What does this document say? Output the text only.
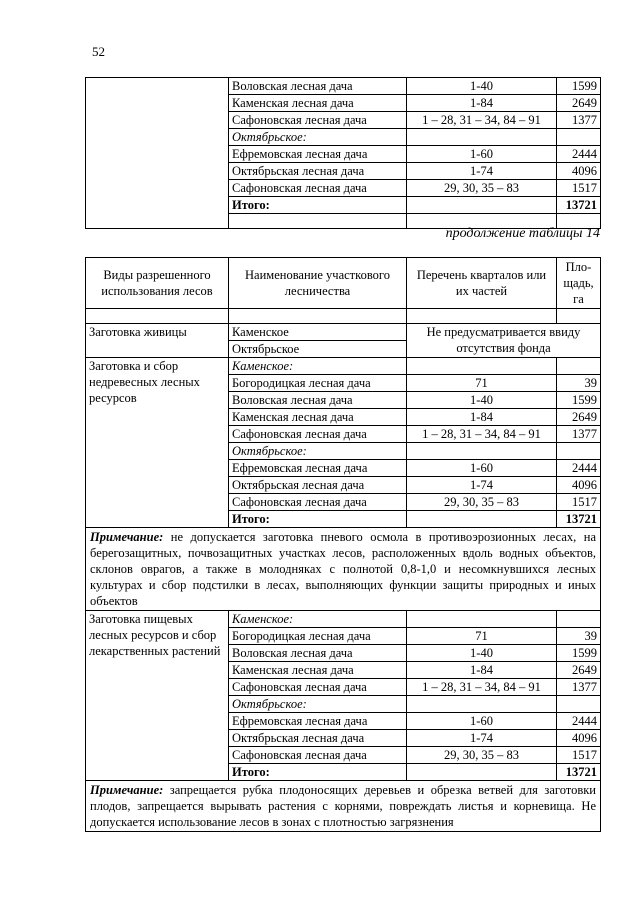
52
	Воловская лесная дача	1-40	1599
	Каменская лесная дача	1-84	2649
	Сафоновская лесная дача	1 – 28, 31 – 34, 84 – 91	1377
	Октябрьское:		
	Ефремовская лесная дача	1-60	2444
	Октябрьская лесная дача	1-74	4096
	Сафоновская лесная дача	29, 30, 35 – 83	1517
	Итого:		13721

продолжение таблицы 14
Виды разрешенного использования лесов	Наименование участкового лесничества	Перечень кварталов или их частей	Пло-щадь, га

Заготовка живицы	Каменское	Не предусматривается ввиду отсутствия фонда	
	Октябрьское		
Заготовка и сбор недревесных лесных ресурсов	Каменское:		
	Богородицкая лесная дача	71	39
	Воловская лесная дача	1-40	1599
	Каменская лесная дача	1-84	2649
	Сафоновская лесная дача	1 – 28, 31 – 34, 84 – 91	1377
	Октябрьское:		
	Ефремовская лесная дача	1-60	2444
	Октябрьская лесная дача	1-74	4096
	Сафоновская лесная дача	29, 30, 35 – 83	1517
	Итого:		13721
Примечание: не допускается заготовка пневого осмола в противоэрозионных лесах, на берегозащитных, почвозащитных участках лесов, расположенных вдоль водных объектов, склонов оврагов, а также в молодняках с полнотой 0,8-1,0 и несомкнувшихся лесных культурах и сбор подстилки в лесах, выполняющих функции защиты природных и иных объектов			
Заготовка пищевых лесных ресурсов и сбор лекарственных растений	Каменское:		
	Богородицкая лесная дача	71	39
	Воловская лесная дача	1-40	1599
	Каменская лесная дача	1-84	2649
	Сафоновская лесная дача	1 – 28, 31 – 34, 84 – 91	1377
	Октябрьское:		
	Ефремовская лесная дача	1-60	2444
	Октябрьская лесная дача	1-74	4096
	Сафоновская лесная дача	29, 30, 35 – 83	1517
	Итого:		13721
Примечание: запрещается рубка плодоносящих деревьев и обрезка ветвей для заготовки плодов, запрещается вырывать растения с корнями, повреждать листья и корневища. Не допускается использование лесов в зонах с плотностью загрязнения			
